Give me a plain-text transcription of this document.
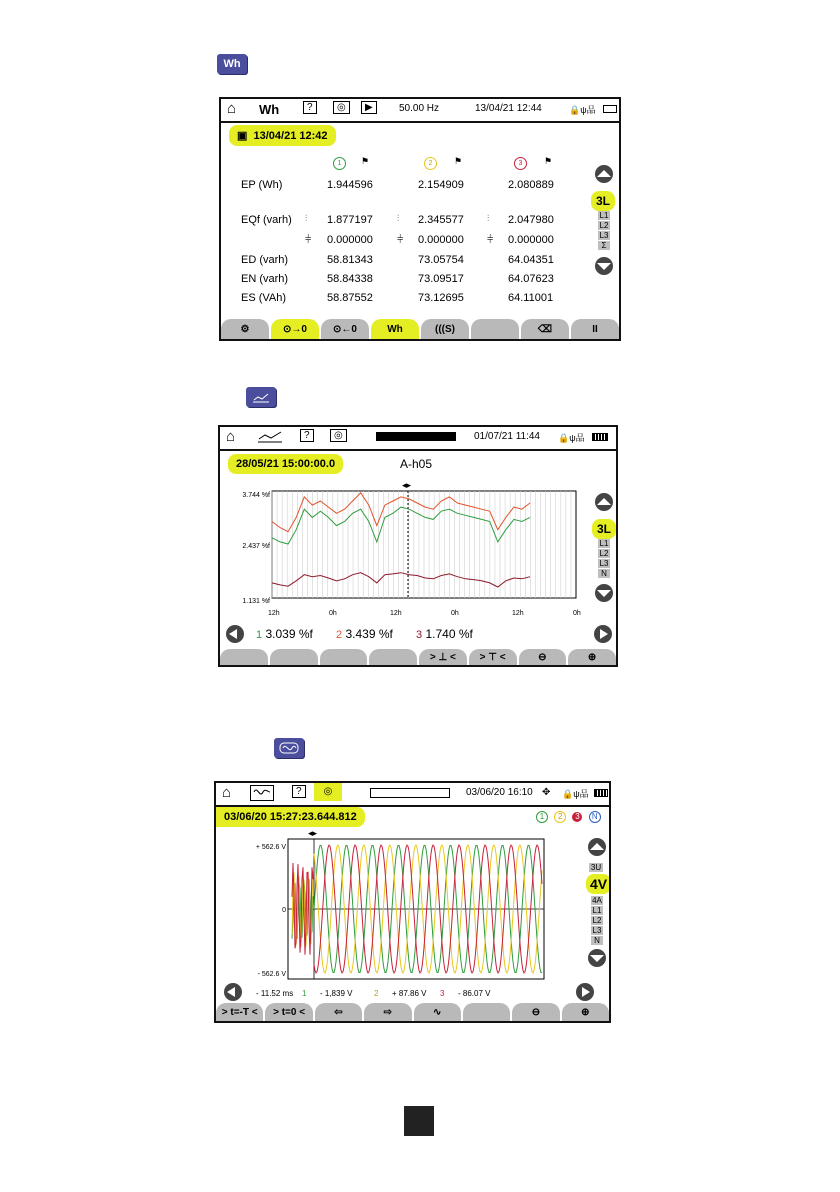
Wh
⌂ Wh	?	◎	▶	50.00 Hz	13/04/21 12:44	🔒ψ品
▣  13/04/21 12:42
1	⚑	2	⚑	3	⚑
EP (Wh)	1.944596	2.154909	2.080889
EQf (varh) ⫶ 1.877197	⫶ 2.345577	⫶ 2.047980
⫩ 0.000000 ⫩ 0.000000 ⫩ 0.000000
ED (varh)	58.81343	73.05754	64.04351
EN (varh)	58.84338	73.09517	64.07623
ES (VAh)	58.87552	73.12695	64.11001
3L
L1
L2
L3
Σ
⚙	⊙→0	⊙←0	Wh	(((S)	⌫	II
⌂	?	◎	01/07/21 11:44 🔒ψ品
28/05/21 15:00:00.0	A-h05
◂▸
3.744 %f
2.437 %f
1.131 %f
12h	0h	12h	0h	12h	0h
3L
L1
L2
L3
N
1 3.039 %f 2 3.439 %f 3 1.740 %f
> ⊥ <	> ⊤ <	⊖	⊕
⌂	?	◎	03/06/20 16:10 ✥ 🔒ψ品
03/06/20 15:27:23.644.812	1 2 3 N
◂▸
+ 562.6 V
0
- 562.6 V
3U
4V
4A
L1
L2
L3
N
- 11.52 ms 1 - 1,839 V	2 + 87.86 V 3 - 86.07 V
> t=-T <	> t=0 <	⇦	⇨	∿	⊖	⊕
